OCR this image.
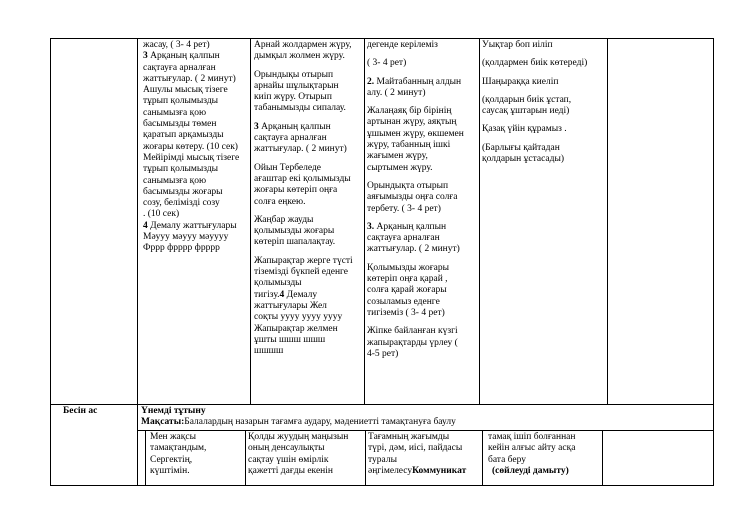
жасау, ( 3- 4 рет)

3 Арқаның қалпын

сақтауға арналған

жаттығулар. ( 2 минут)

Ашулы мысық тізеге

тұрып қолымызды

санымызға қою

басымызды төмен

қаратып арқамызды

жоғары көтеру. (10 сек)

Мейірімді мысық тізеге

тұрып қолымызды

санымызға қою

басымызды жоғары

созу, белімізді созу

. (10 сек)

4 Демалу жаттығулары

Мәууу мәууу мәуууу

Фррр фрррр фрррр

Арнай жолдармен жүру,

дымқыл жолмен жүру.

Орындықы отырып

арнайы шұлықтарын

киіп жүру. Отырып

табанымызды сипалау.

3 Арқаның қалпын

сақтауға арналған

жаттығулар. ( 2 минут)

Ойын Тербеледе

ағаштар екі қолымызды

жоғары көтеріп оңға

солға еңкею.

Жаңбар жауды

қолымызды жоғары

көтеріп шапалақтау.

Жапырақтар жерге түсті

тіземізді бүкпей еденге

қолымызды

тигізу.4 Демалу

жаттығулары Жел

соқты уууу уууу уууу

Жапырақтар желмен

ұшты шшш шшш

шшшш

дегенде керілеміз

( 3- 4 рет)

2. Майтабанның алдын

алу. ( 2 минут)

Жалаңаяқ бір бірінің

артынан жүру, аяқтың

ұшымен жүру, өкшемен

жүру, табанның ішкі

жағымен жүру,

сыртымен жүру.

Орындықта отырып

аяғымызды оңға солға

тербету. ( 3- 4 рет)

3. Арқаның қалпын

сақтауға арналған

жаттығулар. ( 2 минут)

Қолымызды жоғары

көтеріп оңға қарай ,

солға қарай жоғары

созыламыз еденге

тигіземіз ( 3- 4 рет)

Жіпке байланған күзгі

жапырақтарды үрлеу (

4-5 рет)

Уықтар боп иіліп

(қолдармен биік көтереді)

Шаңыраққа киеліп

(қолдарын биік ұстап,

саусақ ұштарын иеді)

Қазақ үйін құрамыз .

(Барлығы қайтадан

қолдарын ұстасады)

Бесін ас	Үнемді тұтыну

Мақсаты:Балалардың назарын тағамға аудару, мәдениетті тамақтануға баулу

Мен жақсы

тамақтандым,

Сергектің,

күштімін.

Қолды жуудың маңызын

оның денсаулықты

сақтау үшін өмірлік

қажетті дағды екенін

Тағамның жағымды

түрі, дәм, иісі, пайдасы

туралы

әңгімелесуКоммуникат

тамақ ішіп болғаннан

кейін алғыс айту асқа

бата беру

(сөйлеуді дамыту)
